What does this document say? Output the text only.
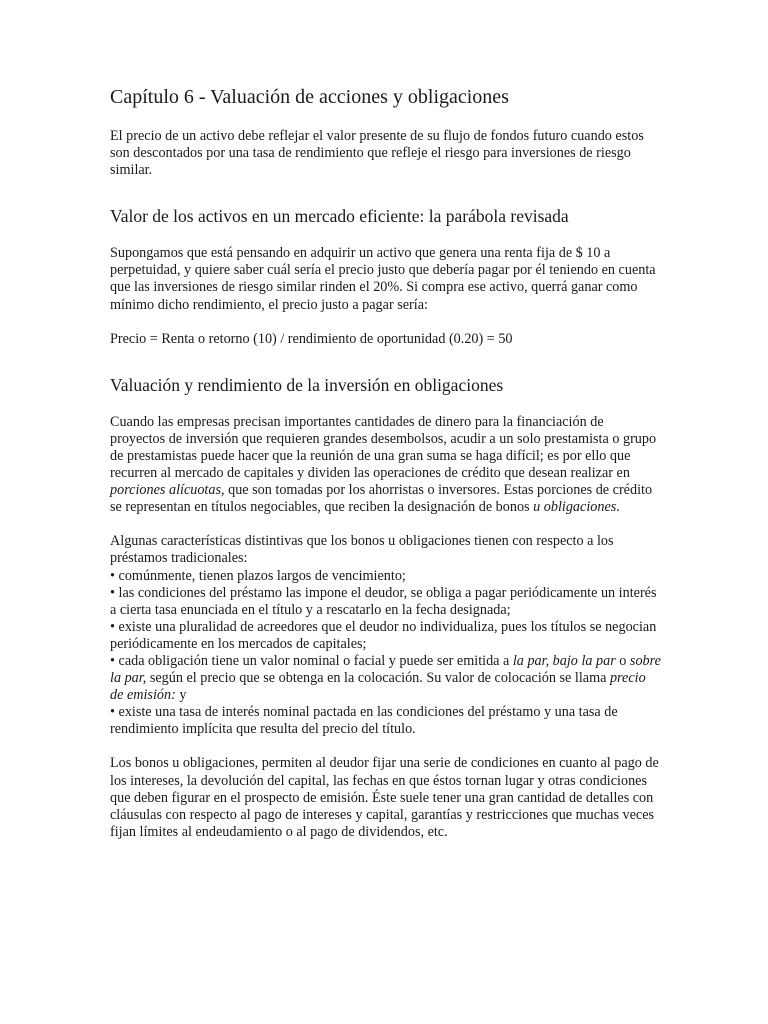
Capítulo 6 - Valuación de acciones y obligaciones

El precio de un activo debe reflejar el valor presente de su flujo de fondos futuro cuando estos son descontados por una tasa de rendimiento que refleje el riesgo para inversiones de riesgo similar.

Valor de los activos en un mercado eficiente: la parábola revisada

Supongamos que está pensando en adquirir un activo que genera una renta fija de $ 10 a perpetuidad, y quiere saber cuál sería el precio justo que debería pagar por él teniendo en cuenta que las inversiones de riesgo similar rinden el 20%. Si compra ese activo, querrá ganar como mínimo dicho rendimiento, el precio justo a pagar sería:

Precio = Renta o retorno (10) / rendimiento de oportunidad (0.20) = 50

Valuación y rendimiento de la inversión en obligaciones

Cuando las empresas precisan importantes cantidades de dinero para la financiación de proyectos de inversión que requieren grandes desembolsos, acudir a un solo prestamista o grupo de prestamistas puede hacer que la reunión de una gran suma se haga difícil; es por ello que recurren al mercado de capitales y dividen las operaciones de crédito que desean realizar en porciones alícuotas, que son tomadas por los ahorristas o inversores. Estas porciones de crédito se representan en títulos negociables, que reciben la designación de bonos u obligaciones.

Algunas características distintivas que los bonos u obligaciones tienen con respecto a los préstamos tradicionales:

• comúnmente, tienen plazos largos de vencimiento;

• las condiciones del préstamo las impone el deudor, se obliga a pagar periódicamente un interés a cierta tasa enunciada en el título y a rescatarlo en la fecha designada;

• existe una pluralidad de acreedores que el deudor no individualiza, pues los títulos se negocian periódicamente en los mercados de capitales;

• cada obligación tiene un valor nominal o facial y puede ser emitida a la par, bajo la par o sobre la par, según el precio que se obtenga en la colocación. Su valor de colocación se llama precio de emisión: y

• existe una tasa de interés nominal pactada en las condiciones del préstamo y una tasa de rendimiento implícita que resulta del precio del título.

Los bonos u obligaciones, permiten al deudor fijar una serie de condiciones en cuanto al pago de los intereses, la devolución del capital, las fechas en que éstos tornan lugar y otras condiciones que deben figurar en el prospecto de emisión. Éste suele tener una gran cantidad de detalles con cláusulas con respecto al pago de intereses y capital, garantías y restricciones que muchas veces fijan límites al endeudamiento o al pago de dividendos, etc.
